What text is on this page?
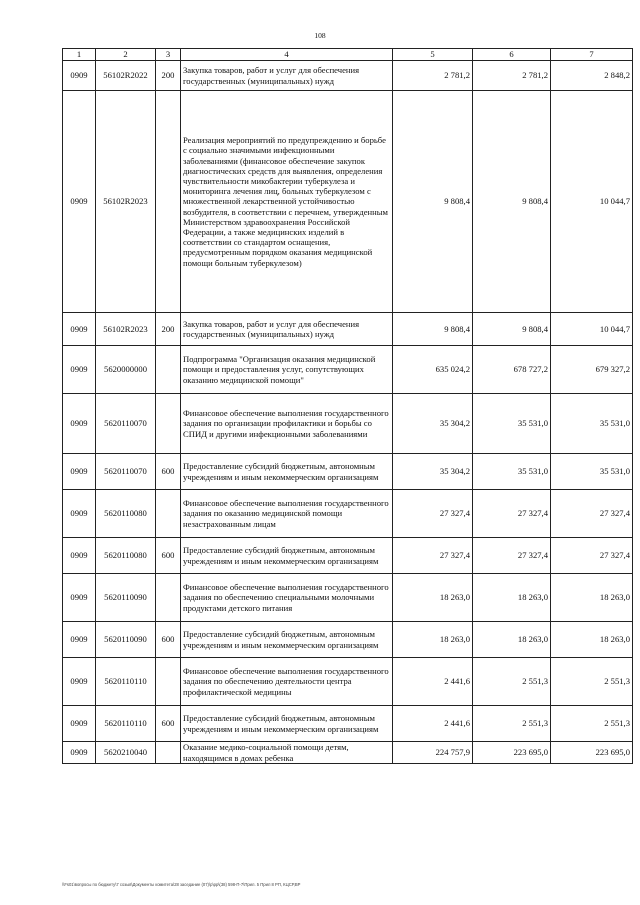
108
1	2	3	4	5	6	7
0909	56102R2022	200	Закупка товаров, работ и услуг для обеспечения государственных (муниципальных) нужд	2 781,2	2 781,2	2 848,2
0909	56102R2023		Реализация мероприятий по предупреждению и борьбе с социально значимыми инфекционными заболеваниями (финансовое обеспечение закупок диагностических средств для выявления, определения чувствительности микобактерии туберкулеза и мониторинга лечения лиц, больных туберкулезом с множественной лекарственной устойчивостью возбудителя, в соответствии с перечнем, утвержденным Министерством здравоохранения Российской Федерации, а также медицинских изделий в соответствии со стандартом оснащения, предусмотренным порядком оказания медицинской помощи больным туберкулезом)	9 808,4	9 808,4	10 044,7
0909	56102R2023	200	Закупка товаров, работ и услуг для обеспечения государственных (муниципальных) нужд	9 808,4	9 808,4	10 044,7
0909	5620000000		Подпрограмма "Организация оказания медицинской помощи и предоставления услуг, сопутствующих оказанию медицинской помощи"	635 024,2	678 727,2	679 327,2
0909	5620110070		Финансовое обеспечение выполнения государственного задания по организации профилактики и борьбы со СПИД и другими инфекционными заболеваниями	35 304,2	35 531,0	35 531,0
0909	5620110070	600	Предоставление субсидий бюджетным, автономным учреждениям и иным некоммерческим организациям	35 304,2	35 531,0	35 531,0
0909	5620110080		Финансовое обеспечение выполнения государственного задания по оказанию медицинской помощи незастрахованным лицам	27 327,4	27 327,4	27 327,4
0909	5620110080	600	Предоставление субсидий бюджетным, автономным учреждениям и иным некоммерческим организациям	27 327,4	27 327,4	27 327,4
0909	5620110090		Финансовое обеспечение выполнения государственного задания по обеспечению специальными молочными продуктами детского питания	18 263,0	18 263,0	18 263,0
0909	5620110090	600	Предоставление субсидий бюджетным, автономным учреждениям и иным некоммерческим организациям	18 263,0	18 263,0	18 263,0
0909	5620110110		Финансовое обеспечение выполнения государственного задания по обеспечению деятельности центра профилактической медицины	2 441,6	2 551,3	2 551,3
0909	5620110110	600	Предоставление субсидий бюджетным, автономным учреждениям и иным некоммерческим организациям	2 441,6	2 551,3	2 551,3
0909	5620210040		Оказание медико-социальной помощи детям, находящимся в домах ребенка	224 757,9	223 695,0	223 695,0
\\Fs01\вопросы по бюджету\7 созыв\Документы комитета\28 заседание (07)\р\pp\(38) 598-П-7\Прил. 5 Прил 8 РП, КЦСР,ВР
